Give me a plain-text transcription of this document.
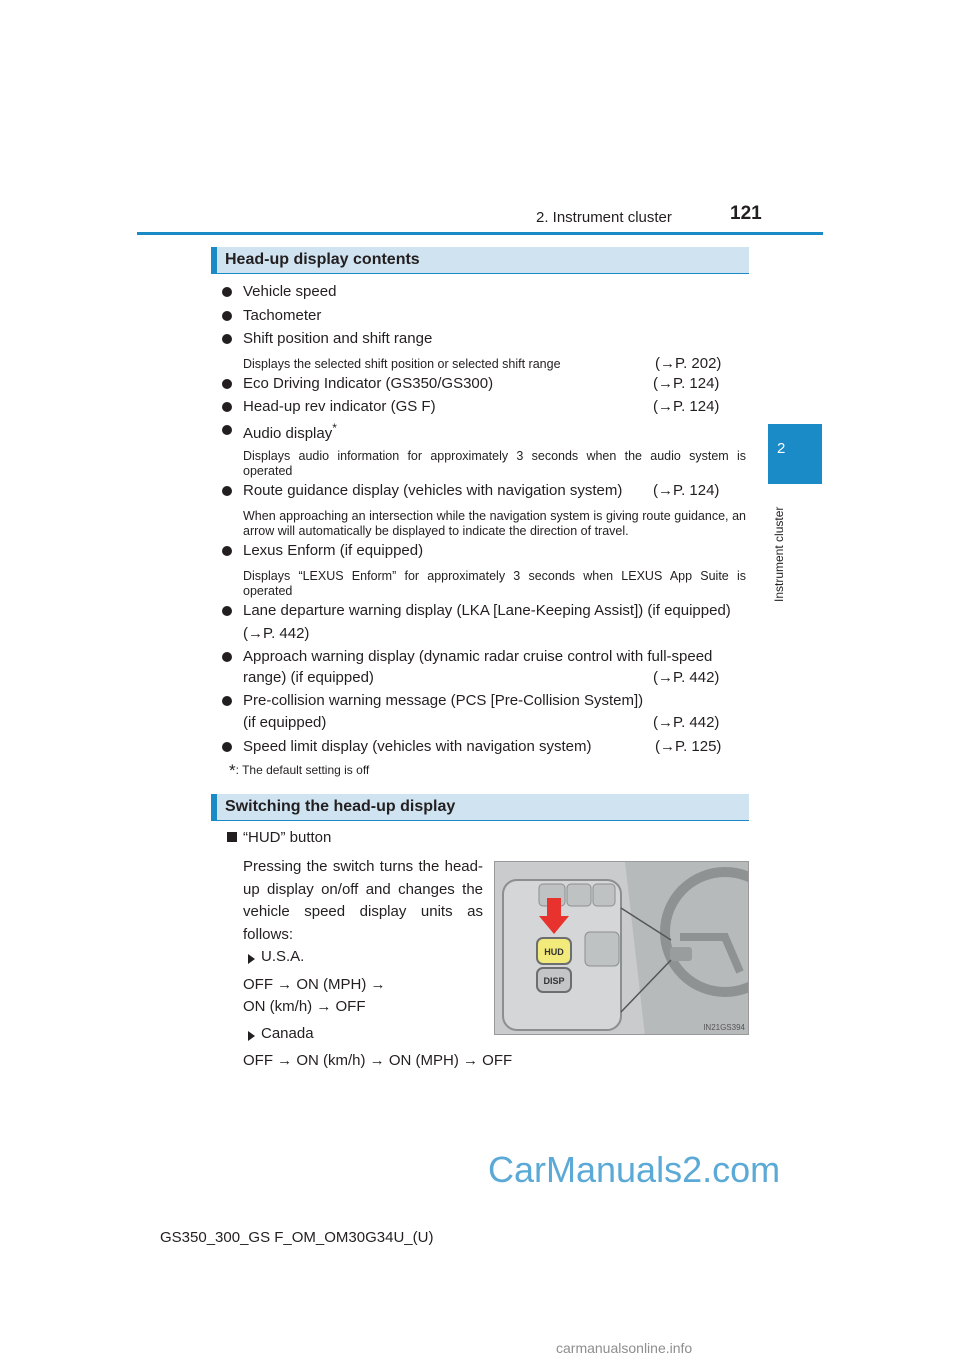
2. Instrument cluster	121
2
Instrument cluster
Head-up display contents
Vehicle speed
Tachometer
Shift position and shift range
Displays the selected shift position or selected shift range	(→P. 202)
Eco Driving Indicator (GS350/GS300)	(→P. 124)
Head-up rev indicator (GS F)	(→P. 124)
Audio display*
Displays audio information for approximately 3 seconds when the audio system is operated
Route guidance display (vehicles with navigation system) (→P. 124)
When approaching an intersection while the navigation system is giving route guidance, an arrow will automatically be displayed to indicate the direction of travel.
Lexus Enform (if equipped)
Displays “LEXUS Enform” for approximately 3 seconds when LEXUS App Suite is operated
Lane departure warning display (LKA [Lane-Keeping Assist]) (if equipped)
(→P. 442)
Approach warning display (dynamic radar cruise control with full-speed
range) (if equipped)	(→P. 442)
Pre-collision warning message (PCS [Pre-Collision System])
(if equipped)	(→P. 442)
Speed limit display (vehicles with navigation system)	(→P. 125)
*: The default setting is off
Switching the head-up display
“HUD” button
Pressing the switch turns the head-up display on/off and changes the vehicle speed display units as follows:
U.S.A.
OFF → ON (MPH) →
ON (km/h) → OFF
Canada
OFF → ON (km/h) → ON (MPH) → OFF
HUD
DISP
IN21GS394
CarManuals2.com
GS350_300_GS F_OM_OM30G34U_(U)
carmanualsonline.info
